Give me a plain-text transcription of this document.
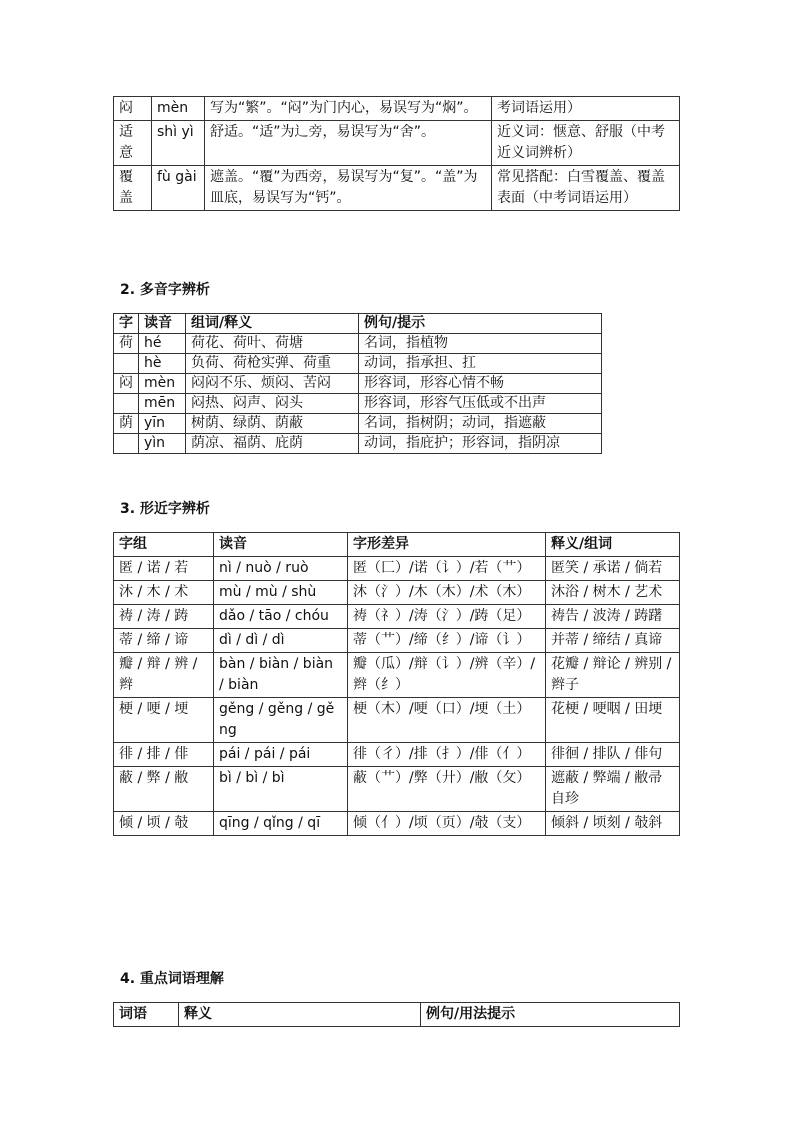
闷	mèn	写为“繁”。“闷”为门内心，易误写为“焖”。	考词语运用）
适意	shì yì	舒适。“适”为辶旁，易误写为“舍”。	近义词：惬意、舒服（中考近义词辨析）
覆盖	fù gài	遮盖。“覆”为西旁，易误写为“复”。“盖”为皿底，易误写为“钙”。	常见搭配：白雪覆盖、覆盖表面（中考词语运用）
2. 多音字辨析
字	读音	组词/释义	例句/提示
荷	hé	荷花、荷叶、荷塘	名词，指植物
	hè	负荷、荷枪实弹、荷重	动词，指承担、扛
闷	mèn	闷闷不乐、烦闷、苦闷	形容词，形容心情不畅
	mēn	闷热、闷声、闷头	形容词，形容气压低或不出声
荫	yīn	树荫、绿荫、荫蔽	名词，指树阴；动词，指遮蔽
	yìn	荫凉、福荫、庇荫	动词，指庇护；形容词，指阴凉
3. 形近字辨析
字组	读音	字形差异	释义/组词
匿 / 诺 / 若	nì / nuò / ruò	匿（匚）/诺（讠）/若（艹）	匿笑 / 承诺 / 倘若
沐 / 木 / 术	mù / mù / shù	沐（氵）/木（木）/术（木）	沐浴 / 树木 / 艺术
祷 / 涛 / 踌	dǎo / tāo / chóu	祷（礻）/涛（氵）/踌（足）	祷告 / 波涛 / 踌躇
蒂 / 缔 / 谛	dì / dì / dì	蒂（艹）/缔（纟）/谛（讠）	并蒂 / 缔结 / 真谛
瓣 / 辩 / 辨 / 辫	bàn / biàn / biàn / biàn	瓣（瓜）/辩（讠）/辨（辛）/辫（纟）	花瓣 / 辩论 / 辨别 / 辫子
梗 / 哽 / 埂	gěng / gěng / gěng	梗（木）/哽（口）/埂（土）	花梗 / 哽咽 / 田埂
徘 / 排 / 俳	pái / pái / pái	徘（彳）/排（扌）/俳（亻）	徘徊 / 排队 / 俳句
蔽 / 弊 / 敝	bì / bì / bì	蔽（艹）/弊（廾）/敝（攵）	遮蔽 / 弊端 / 敝帚自珍
倾 / 顷 / 攲	qīng / qǐng / qī	倾（亻）/顷（页）/攲（支）	倾斜 / 顷刻 / 攲斜
4. 重点词语理解
词语	释义	例句/用法提示
